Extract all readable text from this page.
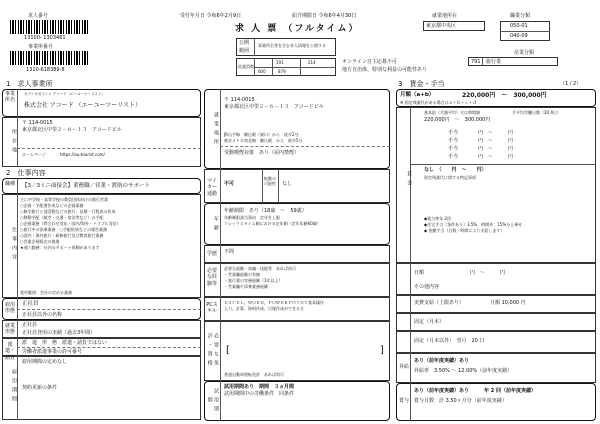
求人番号
13100- 1303461
事業所番号
1310-618389-8
受付年月日 令和6年2月9日	紹介期限日 令和6年4月30日
求 人 票 （フルタイム）
公開
範囲
事業所名等を含む求人情報を公開する
従業員数
191	214
600	879
オンライン自主応募不可
地方自治体、特別な利益の可能性あり
就業地所在
東京都中央区
職業分類
050-01
040-09
産業分類
791 旅行業
1　求人事業所
事業所名
カブシキガイシャ アコード（エーユーツーリスト）
株式会社 アコード （エーユーツーリスト）
所在地
〒 114-0015
東京都北区中里２－６－１３　アコードビル
ホームページ	https://au-tourist.com/
2　仕事内容
職種	【3／3ミニ面接会】業務職／営業・渡航のサポート
仕事内容
主に中学校・高等学校の教員団体向けの旅行営業
○企画・手配書作成などの企画業務
○修学旅行と部活動などの旅行、見積・行程表の作成
○移動手配（航空・交通・宿泊等など）の手配
○企画業務（問合わせ対応・国内/海外・トラブル対応）
○旅行中の添乗業務　○手配結果などの報告業務
○国内・海外旅行・研修旅行及び教育旅行業務
○営業企画販売の推進
★週六勤務：社内のサポート体制があります
変更範囲：会社の定める業務
雇用形態
正社員
正社員以外の名称
就業形態
正社員
正社員登用の実績（過去3年間）
派遣・請負
派　遣　形　態　派遣・請負ではない
労働者派遣事業の許可番号
雇用期間
雇用期間の定めなし
契約更新の条件
就業場所
〒 114-0015
東京都北区中里２－６－１３　アコードビル
JR山手線　駒込駅（東口）から　徒歩2分
東京メトロ南北線　駒込駅　から　徒歩5分
受動喫煙対策　あり（屋内禁煙）
マイカー通勤
不可
転勤の可能性 なし
年齢
年齢制限　あり（18歳　～　59歳）
年齢制限該当事由　定年を上限
フレックスタイム制における定年制（定年年齢60歳）
学歴	不問
必要な経験等
必要な経験・知識・技能等　あれば尚可
・営業職経験の有無
・旅行業の実務経験（1年以上）
・営業職や添乗業務経験
PCスキル
ＥＸＣＥＬ，ＷＯＲＤ，ＰＯＷＥＲＰＯＩＮＴ基本操作
入力、計算、資料作成、日報作成ができる方
必要な免許・資格	[	]
普通自動車運転免許　あれば尚可
試用期間
試用期間あり　期間　３ヵ月間
試用期間中の労働条件　同条件
3　賃金・手当	（1 / 2）
月額（a+b）	220,000円　～　300,000円
※ 固定残業代がある場合はａ＋ｂ＋ｃ＋ｄ
賃金
基本給（月額平均）又は時間額	月平均労働日数（20.4日）
220,000円　～　300,000円
手当　　　　円　～　　　円
手当　　　　円　～　　　円
手当　　　　円　～　　　円
手当　　　　円　～　　　円
なし　（　　円　～　　円）
固定残業代に関する特記事項
◆賞与率年 2回
◆住宅手当（条件あり）3.5%、時間外：15%分上乗せ
◆ 皆勤手当（日数・時間により支給します）
日額	円　～　　　円
その他内容
実費支給（上限あり）	月額 10,000 円
固定（月末）
固定（月末以外）　翌月　20 日
昇給
あり（前年度実績）あり
昇給率　3.50% ～ 12.00%（前年度実績）
賞与
あり（前年度実績）あり　　　年 2 回（前年度実績）
賞与月数　計 3.50ヶ月分（前年度実績）
